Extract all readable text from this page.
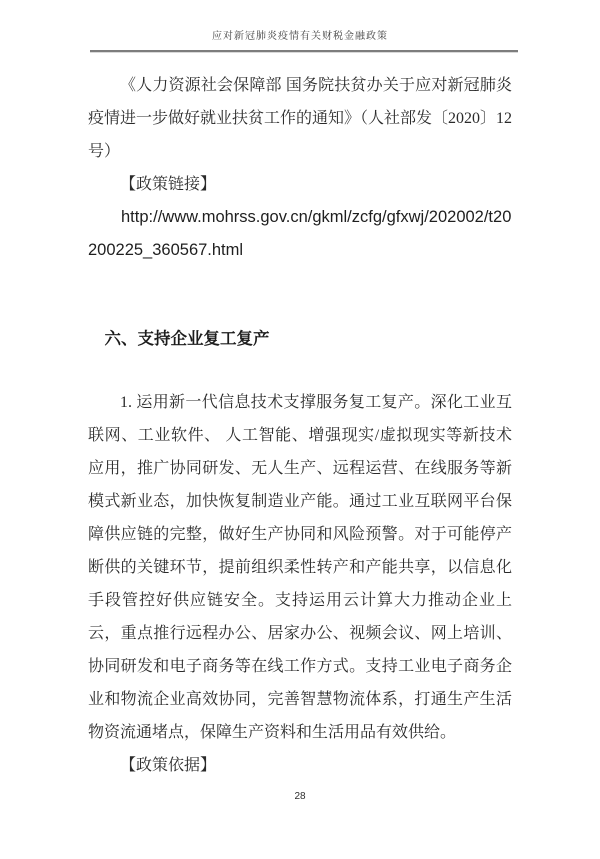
应对新冠肺炎疫情有关财税金融政策

《人力资源社会保障部 国务院扶贫办关于应对新冠肺炎疫情进一步做好就业扶贫工作的通知》（人社部发〔2020〕12 号）

【政策链接】

http://www.mohrss.gov.cn/gkml/zcfg/gfxwj/202002/t20200225_360567.html

六、支持企业复工复产

1. 运用新一代信息技术支撑服务复工复产。深化工业互联网、工业软件、 人工智能、增强现实/虚拟现实等新技术应用，推广协同研发、无人生产、远程运营、在线服务等新模式新业态，加快恢复制造业产能。通过工业互联网平台保障供应链的完整，做好生产协同和风险预警。对于可能停产断供的关键环节，提前组织柔性转产和产能共享，以信息化手段管控好供应链安全。支持运用云计算大力推动企业上云，重点推行远程办公、居家办公、视频会议、网上培训、协同研发和电子商务等在线工作方式。支持工业电子商务企业和物流企业高效协同，完善智慧物流体系，打通生产生活物资流通堵点，保障生产资料和生活用品有效供给。

【政策依据】

28
